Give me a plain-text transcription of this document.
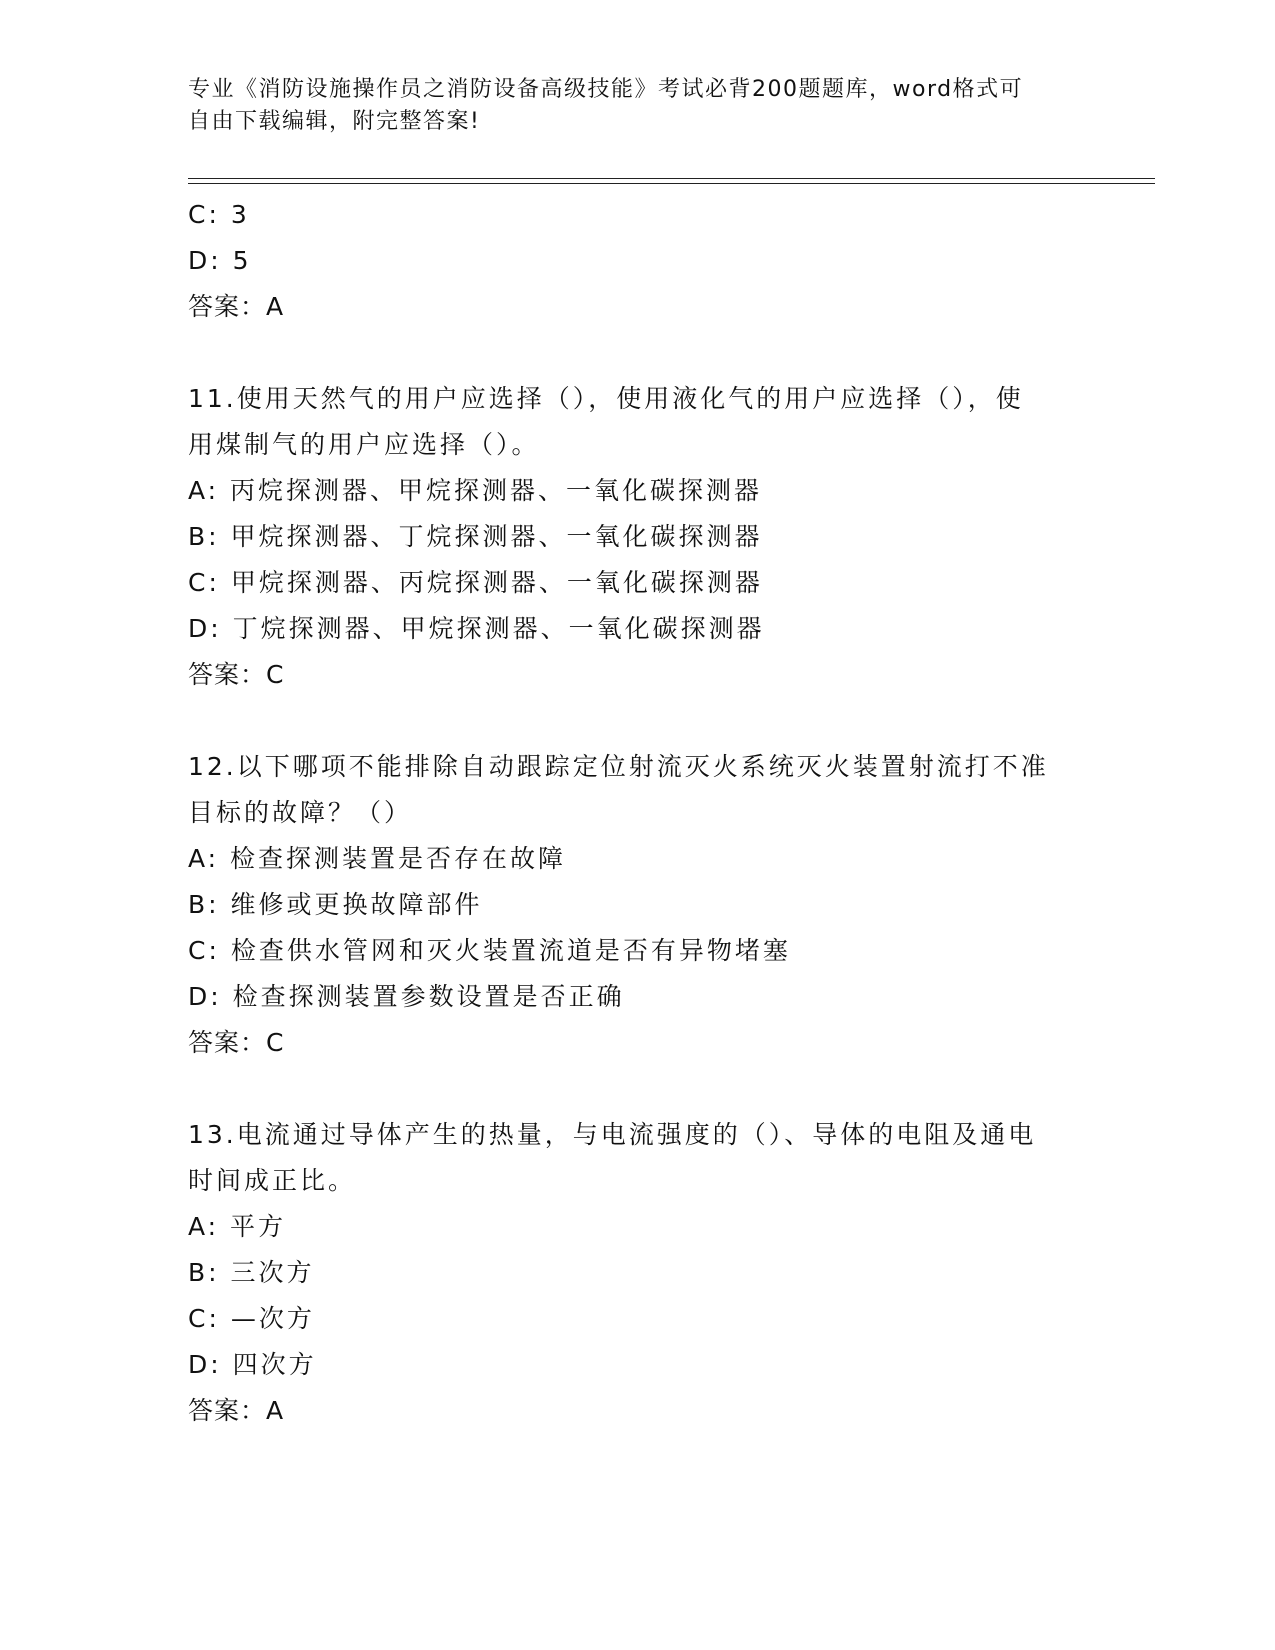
专业《消防设施操作员之消防设备高级技能》考试必背200题题库，word格式可
自由下载编辑，附完整答案!
C: 3
D: 5
答案：A
11.使用天然气的用户应选择（），使用液化气的用户应选择（），使
用煤制气的用户应选择（）。
A: 丙烷探测器、甲烷探测器、一氧化碳探测器
B: 甲烷探测器、丁烷探测器、一氧化碳探测器
C: 甲烷探测器、丙烷探测器、一氧化碳探测器
D: 丁烷探测器、甲烷探测器、一氧化碳探测器
答案：C
12.以下哪项不能排除自动跟踪定位射流灭火系统灭火装置射流打不准
目标的故障？（）
A: 检查探测装置是否存在故障
B: 维修或更换故障部件
C: 检查供水管网和灭火装置流道是否有异物堵塞
D: 检查探测装置参数设置是否正确
答案：C
13.电流通过导体产生的热量，与电流强度的（）、导体的电阻及通电
时间成正比。
A: 平方
B: 三次方
C: —次方
D: 四次方
答案：A
